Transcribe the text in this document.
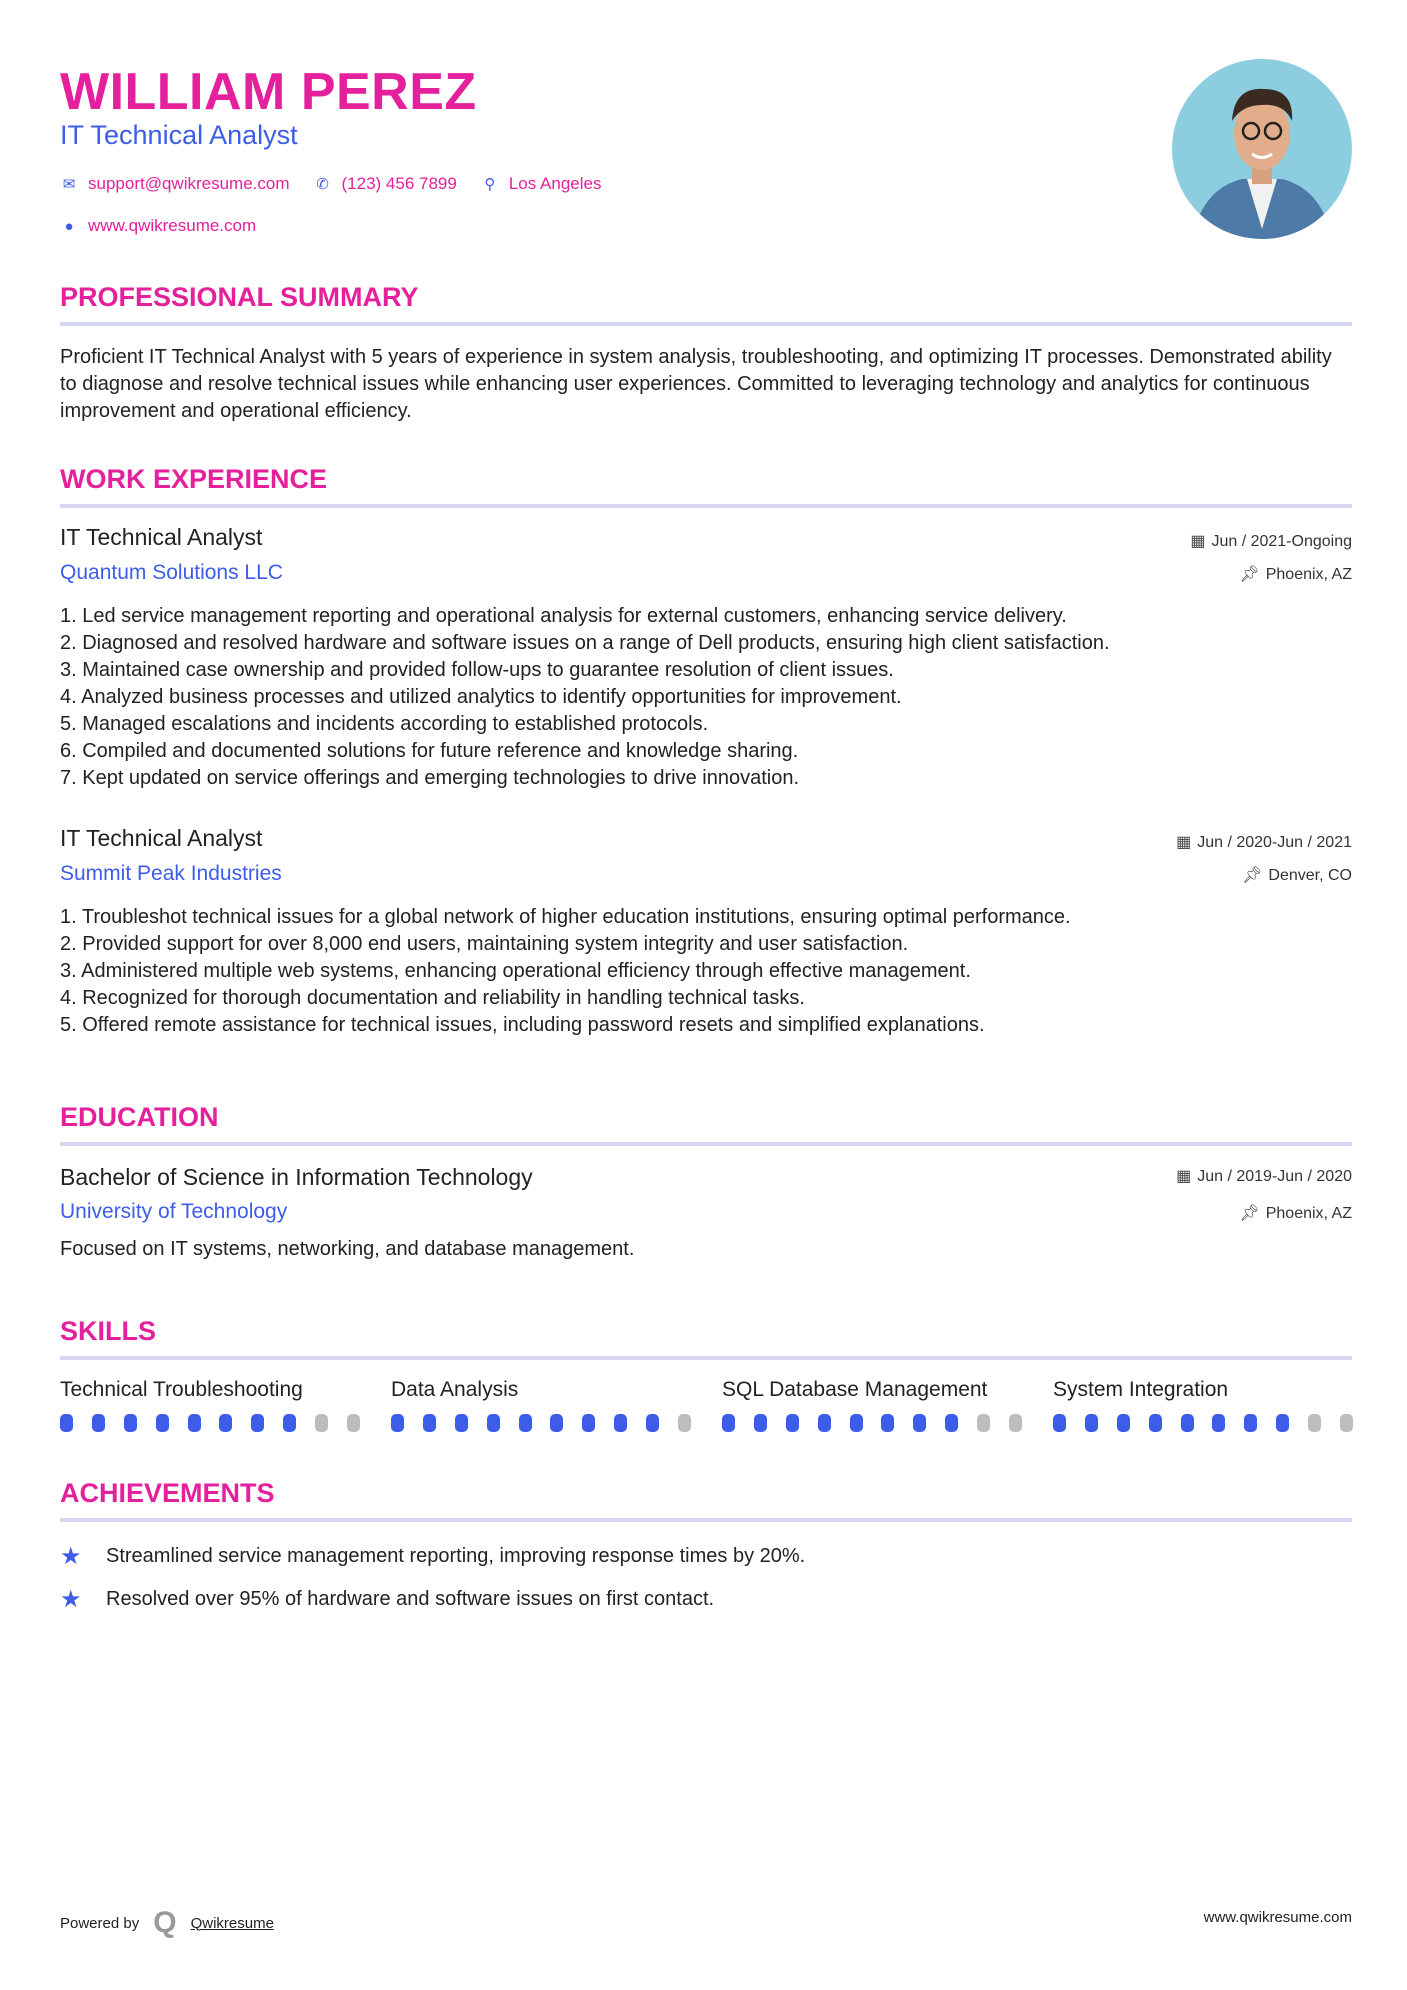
WILLIAM PEREZ
IT Technical Analyst
✉ support@qwikresume.com ✆ (123) 456 7899 ⚲ Los Angeles
● www.qwikresume.com
PROFESSIONAL SUMMARY

Proficient IT Technical Analyst with 5 years of experience in system analysis, troubleshooting, and optimizing IT processes. Demonstrated ability to diagnose and resolve technical issues while enhancing user experiences. Committed to leveraging technology and analytics for continuous improvement and operational efficiency.

WORK EXPERIENCE
IT Technical Analyst
Quantum Solutions LLC
▦ Jun / 2021-Ongoing
📌︎ Phoenix, AZ
1. Led service management reporting and operational analysis for external customers, enhancing service delivery.
2. Diagnosed and resolved hardware and software issues on a range of Dell products, ensuring high client satisfaction.
3. Maintained case ownership and provided follow-ups to guarantee resolution of client issues.
4. Analyzed business processes and utilized analytics to identify opportunities for improvement.
5. Managed escalations and incidents according to established protocols.
6. Compiled and documented solutions for future reference and knowledge sharing.
7. Kept updated on service offerings and emerging technologies to drive innovation.
IT Technical Analyst
Summit Peak Industries
▦ Jun / 2020-Jun / 2021
📌︎ Denver, CO
1. Troubleshot technical issues for a global network of higher education institutions, ensuring optimal performance.
2. Provided support for over 8,000 end users, maintaining system integrity and user satisfaction.
3. Administered multiple web systems, enhancing operational efficiency through effective management.
4. Recognized for thorough documentation and reliability in handling technical tasks.
5. Offered remote assistance for technical issues, including password resets and simplified explanations.
EDUCATION
Bachelor of Science in Information Technology
University of Technology
Focused on IT systems, networking, and database management.
▦ Jun / 2019-Jun / 2020
📌︎ Phoenix, AZ
SKILLS
Technical Troubleshooting	Data Analysis	SQL Database Management	System Integration
ACHIEVEMENTS
★	Streamlined service management reporting, improving response times by 20%.
★	Resolved over 95% of hardware and software issues on first contact.
Powered by Q Qwikresume	www.qwikresume.com
